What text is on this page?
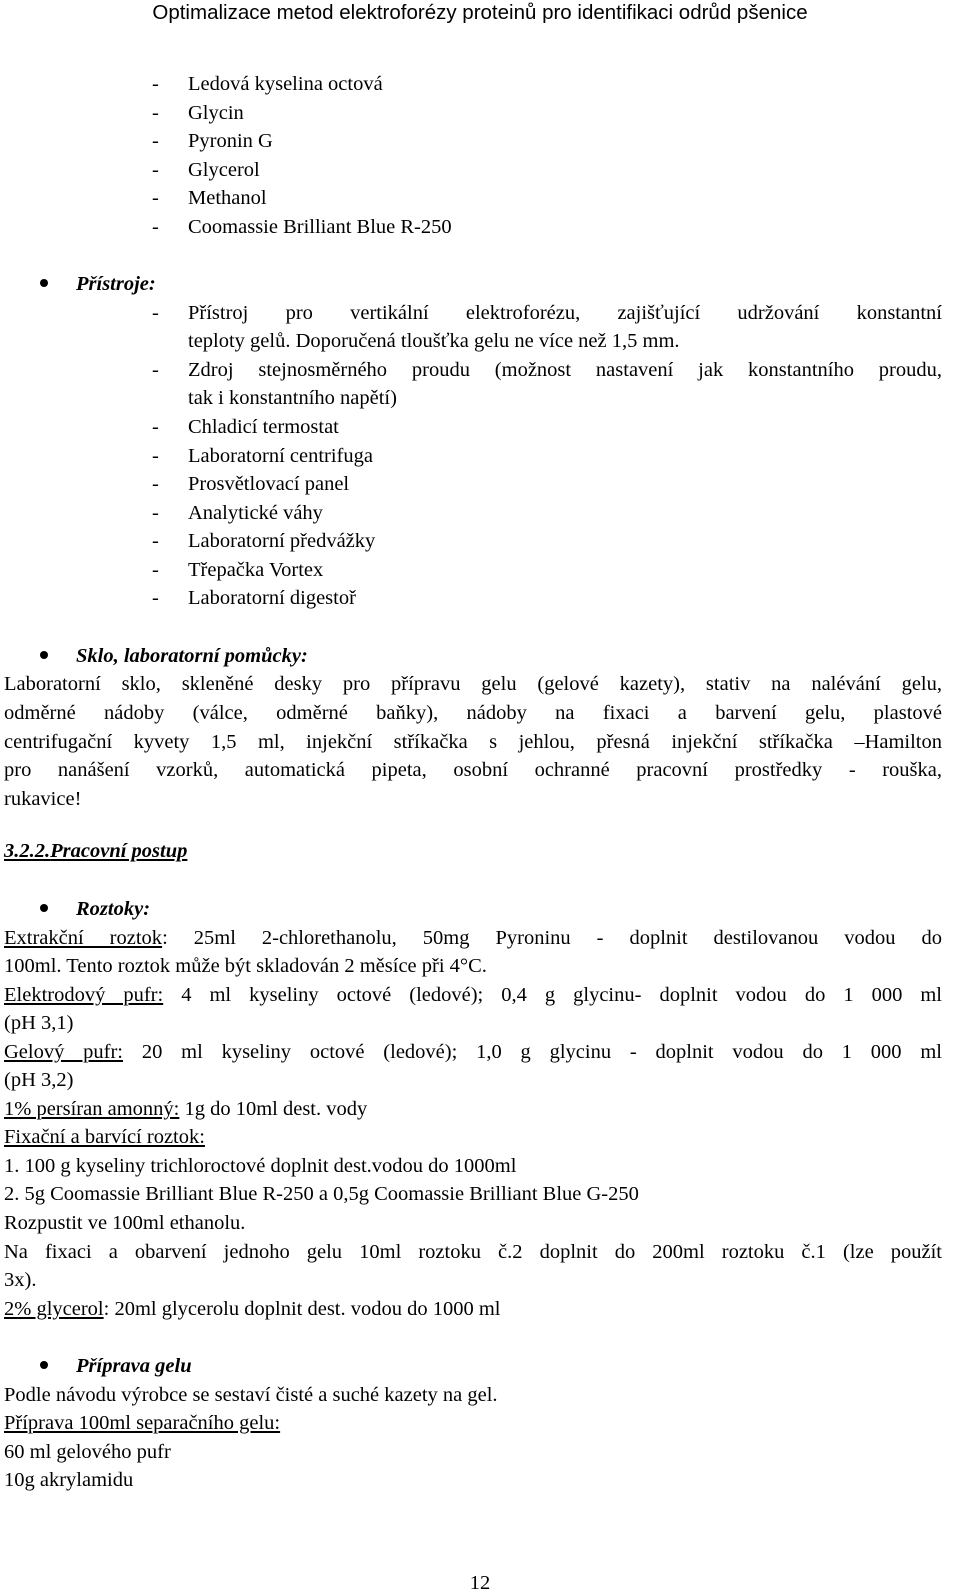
Optimalizace metod elektroforézy proteinů pro identifikaci odrůd pšenice
- Ledová kyselina octová
- Glycin
- Pyronin G
- Glycerol
- Methanol
- Coomassie Brilliant Blue R-250
Přístroje:
- Přístroj pro vertikální elektroforézu, zajišťující udržování konstantní
teploty gelů. Doporučená tloušťka gelu ne více než 1,5 mm.
- Zdroj stejnosměrného proudu (možnost nastavení jak konstantního proudu,
tak i konstantního napětí)
- Chladicí termostat
- Laboratorní centrifuga
- Prosvětlovací panel
- Analytické váhy
- Laboratorní předvážky
- Třepačka Vortex
- Laboratorní digestoř
Sklo, laboratorní pomůcky:
Laboratorní sklo, skleněné desky pro přípravu gelu (gelové kazety), stativ na nalévání gelu,
odměrné nádoby (válce, odměrné baňky), nádoby na fixaci a barvení gelu, plastové
centrifugační kyvety 1,5 ml, injekční stříkačka s jehlou, přesná injekční stříkačka –Hamilton
pro nanášení vzorků, automatická pipeta, osobní ochranné pracovní prostředky - rouška,
rukavice!
3.2.2.Pracovní postup
Roztoky:
Extrakční roztok: 25ml 2-chlorethanolu, 50mg Pyroninu - doplnit destilovanou vodou do
100ml. Tento roztok může být skladován 2 měsíce při 4°C.
Elektrodový pufr: 4 ml kyseliny octové (ledové); 0,4 g glycinu- doplnit vodou do 1 000 ml
(pH 3,1)
Gelový pufr: 20 ml kyseliny octové (ledové); 1,0 g glycinu - doplnit vodou do 1 000 ml
(pH 3,2)
1% persíran amonný: 1g do 10ml dest. vody
Fixační a barvící roztok:
1. 100 g kyseliny trichloroctové doplnit dest.vodou do 1000ml
2. 5g Coomassie Brilliant Blue R-250 a 0,5g Coomassie Brilliant Blue G-250
Rozpustit ve 100ml ethanolu.
Na fixaci a obarvení jednoho gelu 10ml roztoku č.2 doplnit do 200ml roztoku č.1 (lze použít
3x).
2% glycerol: 20ml glycerolu doplnit dest. vodou do 1000 ml
Příprava gelu
Podle návodu výrobce se sestaví čisté a suché kazety na gel.
Příprava 100ml separačního gelu:
60 ml gelového pufr
10g akrylamidu
12
